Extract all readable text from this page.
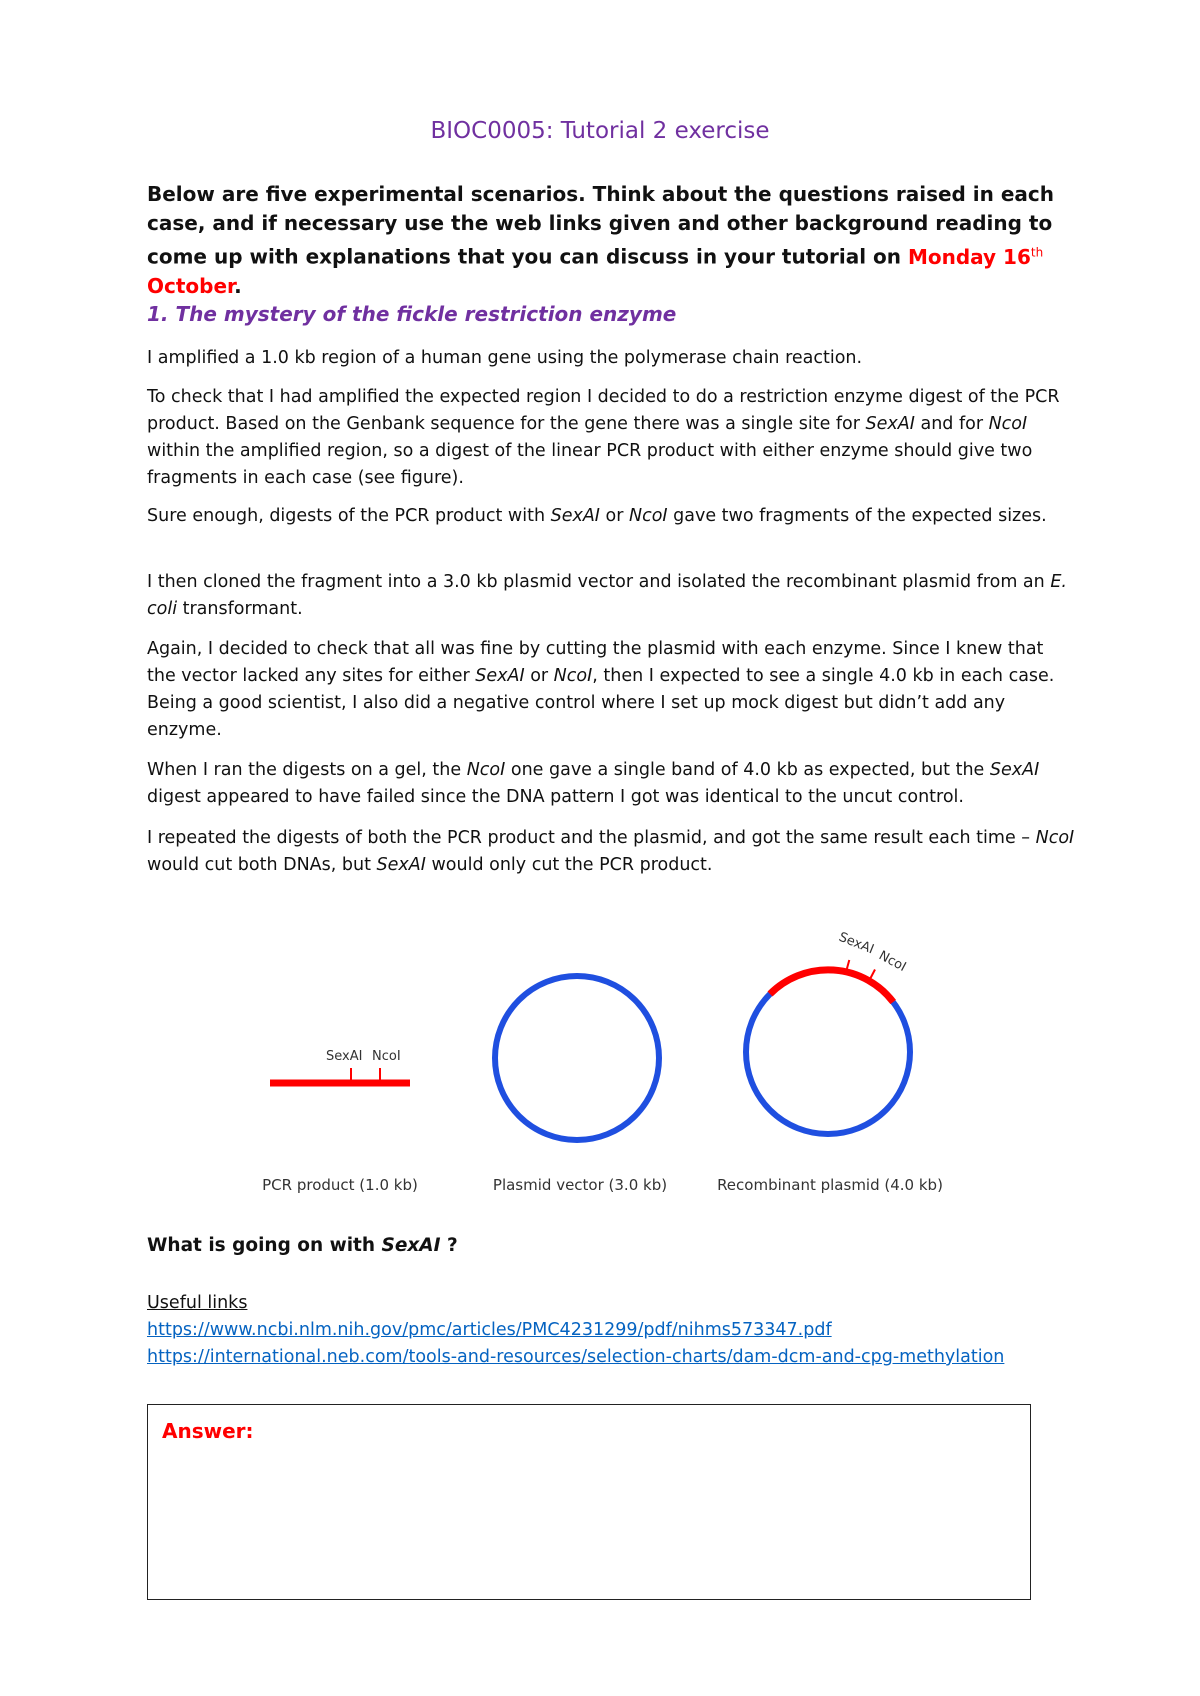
BIOC0005: Tutorial 2 exercise

Below are five experimental scenarios. Think about the questions raised in each case, and if necessary use the web links given and other background reading to come up with explanations that you can discuss in your tutorial on Monday 16th October.

1. The mystery of the fickle restriction enzyme

I amplified a 1.0 kb region of a human gene using the polymerase chain reaction.

To check that I had amplified the expected region I decided to do a restriction enzyme digest of the PCR product. Based on the Genbank sequence for the gene there was a single site for SexAI and for NcoI within the amplified region, so a digest of the linear PCR product with either enzyme should give two fragments in each case (see figure).

Sure enough, digests of the PCR product with SexAI or NcoI gave two fragments of the expected sizes.

I then cloned the fragment into a 3.0 kb plasmid vector and isolated the recombinant plasmid from an E. coli transformant.

Again, I decided to check that all was fine by cutting the plasmid with each enzyme. Since I knew that the vector lacked any sites for either SexAI or NcoI, then I expected to see a single 4.0 kb in each case. Being a good scientist, I also did a negative control where I set up mock digest but didn’t add any enzyme.

When I ran the digests on a gel, the NcoI one gave a single band of 4.0 kb as expected, but the SexAI digest appeared to have failed since the DNA pattern I got was identical to the uncut control.

I repeated the digests of both the PCR product and the plasmid, and got the same result each time – NcoI would cut both DNAs, but SexAI would only cut the PCR product.

SexAI NcoI
PCR product (1.0 kb)	Plasmid vector (3.0 kb)
SexAI
NcoI
Recombinant plasmid (4.0 kb)

What is going on with SexAI ?

Useful links
https://www.ncbi.nlm.nih.gov/pmc/articles/PMC4231299/pdf/nihms573347.pdf
https://international.neb.com/tools-and-resources/selection-charts/dam-dcm-and-cpg-methylation

Answer:
